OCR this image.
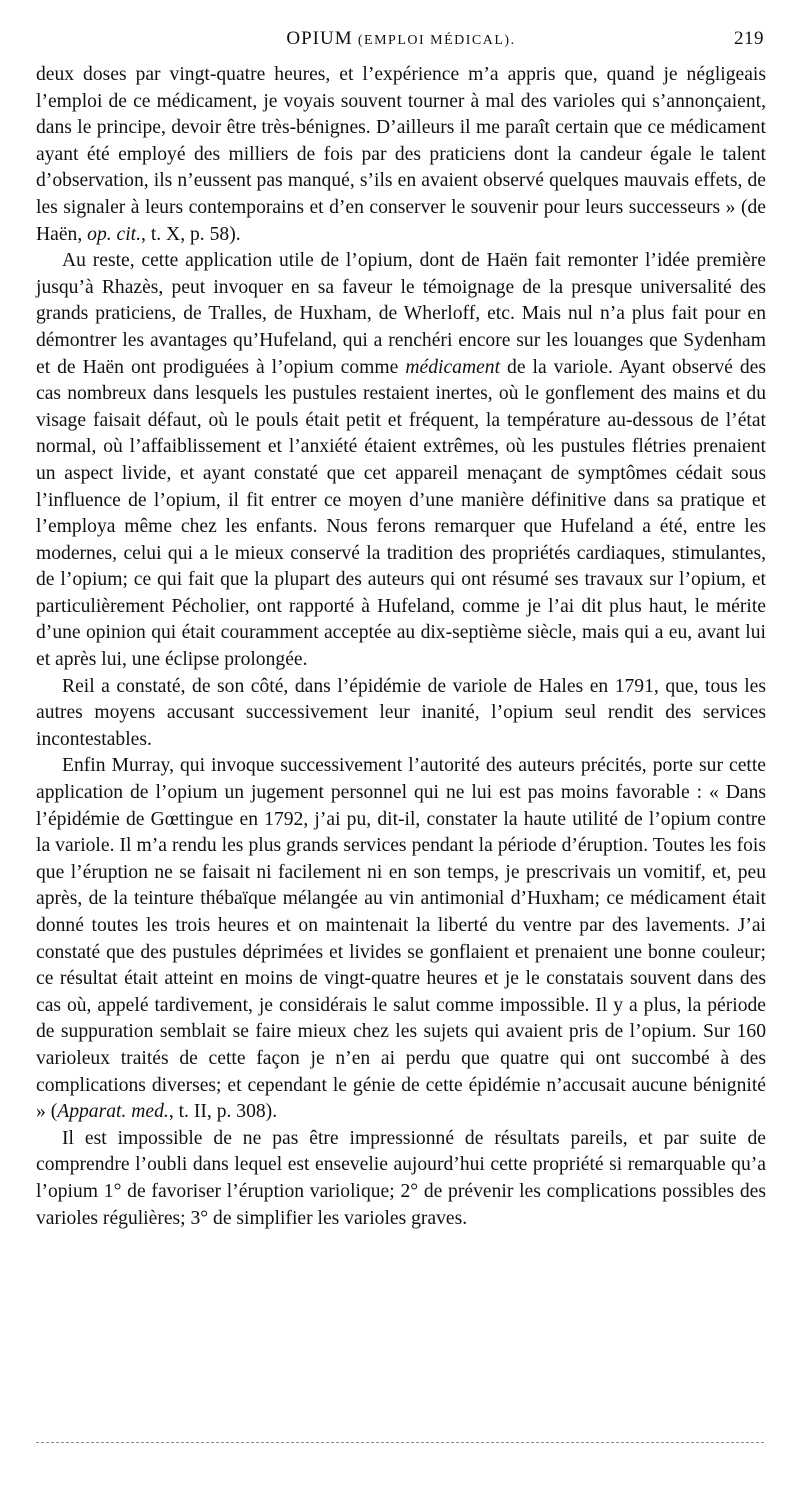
OPIUM (EMPLOI MÉDICAL).	219

deux doses par vingt-quatre heures, et l’expérience m’a appris que, quand je négligeais l’emploi de ce médicament, je voyais souvent tourner à mal des varioles qui s’annonçaient, dans le principe, devoir être très-bénignes. D’ailleurs il me paraît certain que ce médicament ayant été employé des milliers de fois par des praticiens dont la candeur égale le talent d’observation, ils n’eussent pas manqué, s’ils en avaient observé quelques mauvais effets, de les signaler à leurs contemporains et d’en conserver le souvenir pour leurs successeurs » (de Haën, op. cit., t. X, p. 58).

Au reste, cette application utile de l’opium, dont de Haën fait remonter l’idée première jusqu’à Rhazès, peut invoquer en sa faveur le témoignage de la presque universalité des grands praticiens, de Tralles, de Huxham, de Wherloff, etc. Mais nul n’a plus fait pour en démontrer les avantages qu’Hufeland, qui a renchéri encore sur les louanges que Sydenham et de Haën ont prodiguées à l’opium comme médicament de la variole. Ayant observé des cas nombreux dans lesquels les pustules restaient inertes, où le gonflement des mains et du visage faisait défaut, où le pouls était petit et fréquent, la température au-dessous de l’état normal, où l’affaiblissement et l’anxiété étaient extrêmes, où les pustules flétries prenaient un aspect livide, et ayant constaté que cet appareil menaçant de symptômes cédait sous l’influence de l’opium, il fit entrer ce moyen d’une manière définitive dans sa pratique et l’employa même chez les enfants. Nous ferons remarquer que Hufeland a été, entre les modernes, celui qui a le mieux conservé la tradition des propriétés cardiaques, stimulantes, de l’opium; ce qui fait que la plupart des auteurs qui ont résumé ses travaux sur l’opium, et particulièrement Pécholier, ont rapporté à Hufeland, comme je l’ai dit plus haut, le mérite d’une opinion qui était couramment acceptée au dix-septième siècle, mais qui a eu, avant lui et après lui, une éclipse prolongée.

Reil a constaté, de son côté, dans l’épidémie de variole de Hales en 1791, que, tous les autres moyens accusant successivement leur inanité, l’opium seul rendit des services incontestables.

Enfin Murray, qui invoque successivement l’autorité des auteurs précités, porte sur cette application de l’opium un jugement personnel qui ne lui est pas moins favorable : « Dans l’épidémie de Gœttingue en 1792, j’ai pu, dit-il, constater la haute utilité de l’opium contre la variole. Il m’a rendu les plus grands services pendant la période d’éruption. Toutes les fois que l’éruption ne se faisait ni facilement ni en son temps, je prescrivais un vomitif, et, peu après, de la teinture thébaïque mélangée au vin antimonial d’Huxham; ce médicament était donné toutes les trois heures et on maintenait la liberté du ventre par des lavements. J’ai constaté que des pustules déprimées et livides se gonflaient et prenaient une bonne couleur; ce résultat était atteint en moins de vingt-quatre heures et je le constatais souvent dans des cas où, appelé tardivement, je considérais le salut comme impossible. Il y a plus, la période de suppuration semblait se faire mieux chez les sujets qui avaient pris de l’opium. Sur 160 varioleux traités de cette façon je n’en ai perdu que quatre qui ont succombé à des complications diverses; et cependant le génie de cette épidémie n’accusait aucune bénignité » (Apparat. med., t. II, p. 308).

Il est impossible de ne pas être impressionné de résultats pareils, et par suite de comprendre l’oubli dans lequel est ensevelie aujourd’hui cette propriété si remarquable qu’a l’opium 1° de favoriser l’éruption variolique; 2° de prévenir les complications possibles des varioles régulières; 3° de simplifier les varioles graves.
